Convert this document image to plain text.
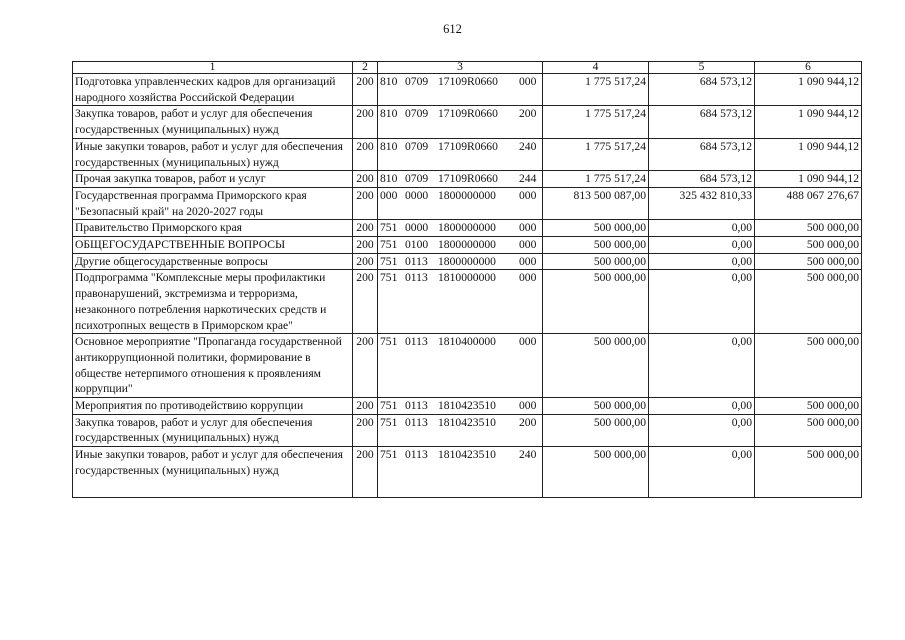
612
1	2	3	4	5	6
Подготовка управленческих кадров для организаций народного хозяйства Российской Федерации	200	810 0709 17109R0660 000	1 775 517,24	684 573,12	1 090 944,12
Закупка товаров, работ и услуг для обеспечения государственных (муниципальных) нужд	200	810 0709 17109R0660 200	1 775 517,24	684 573,12	1 090 944,12
Иные закупки товаров, работ и услуг для обеспечения государственных (муниципальных) нужд	200	810 0709 17109R0660 240	1 775 517,24	684 573,12	1 090 944,12
Прочая закупка товаров, работ и услуг	200	810 0709 17109R0660 244	1 775 517,24	684 573,12	1 090 944,12
Государственная программа Приморского края "Безопасный край" на 2020-2027 годы	200	000 0000 1800000000 000	813 500 087,00	325 432 810,33	488 067 276,67
Правительство Приморского края	200	751 0000 1800000000 000	500 000,00	0,00	500 000,00
ОБЩЕГОСУДАРСТВЕННЫЕ ВОПРОСЫ	200	751 0100 1800000000 000	500 000,00	0,00	500 000,00
Другие общегосударственные вопросы	200	751 0113 1800000000 000	500 000,00	0,00	500 000,00
Подпрограмма "Комплексные меры профилактики правонарушений, экстремизма и терроризма, незаконного потребления наркотических средств и психотропных веществ в Приморском крае"	200	751 0113 1810000000 000	500 000,00	0,00	500 000,00
Основное мероприятие "Пропаганда государственной антикоррупционной политики, формирование в обществе нетерпимого отношения к проявлениям коррупции"	200	751 0113 1810400000 000	500 000,00	0,00	500 000,00
Мероприятия по противодействию коррупции	200	751 0113 1810423510 000	500 000,00	0,00	500 000,00
Закупка товаров, работ и услуг для обеспечения государственных (муниципальных) нужд	200	751 0113 1810423510 200	500 000,00	0,00	500 000,00
Иные закупки товаров, работ и услуг для обеспечения государственных (муниципальных) нужд	200	751 0113 1810423510 240	500 000,00	0,00	500 000,00
